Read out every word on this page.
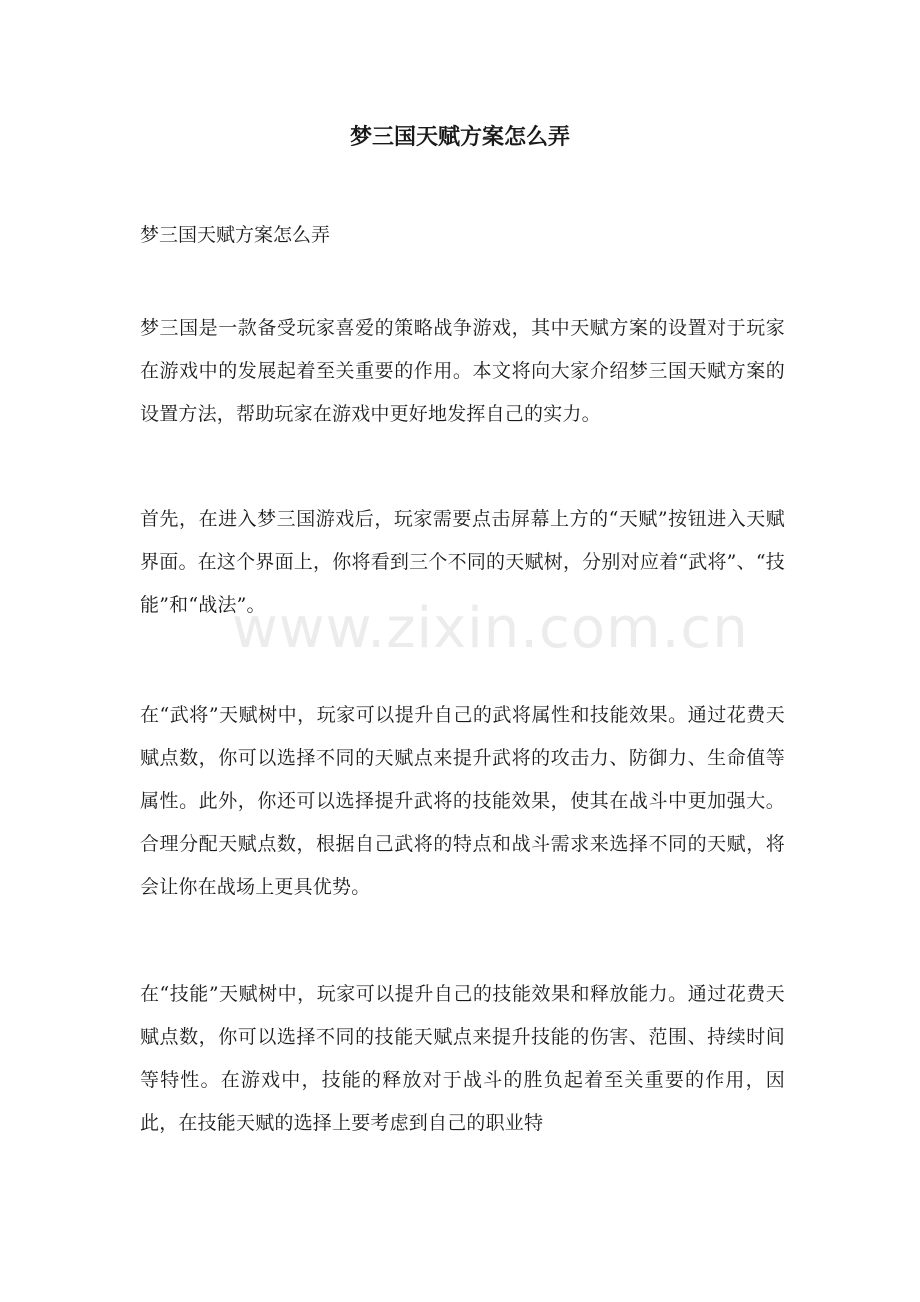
梦三国天赋方案怎么弄

梦三国天赋方案怎么弄

梦三国是一款备受玩家喜爱的策略战争游戏，其中天赋方案的设置对于玩家在游戏中的发展起着至关重要的作用。本文将向大家介绍梦三国天赋方案的设置方法，帮助玩家在游戏中更好地发挥自己的实力。

首先，在进入梦三国游戏后，玩家需要点击屏幕上方的“天赋”按钮进入天赋界面。在这个界面上，你将看到三个不同的天赋树，分别对应着“武将”、“技能”和“战法”。

在“武将”天赋树中，玩家可以提升自己的武将属性和技能效果。通过花费天赋点数，你可以选择不同的天赋点来提升武将的攻击力、防御力、生命值等属性。此外，你还可以选择提升武将的技能效果，使其在战斗中更加强大。合理分配天赋点数，根据自己武将的特点和战斗需求来选择不同的天赋，将会让你在战场上更具优势。

在“技能”天赋树中，玩家可以提升自己的技能效果和释放能力。通过花费天赋点数，你可以选择不同的技能天赋点来提升技能的伤害、范围、持续时间等特性。在游戏中，技能的释放对于战斗的胜负起着至关重要的作用，因此，在技能天赋的选择上要考虑到自己的职业特

www.zixin.com.cn
